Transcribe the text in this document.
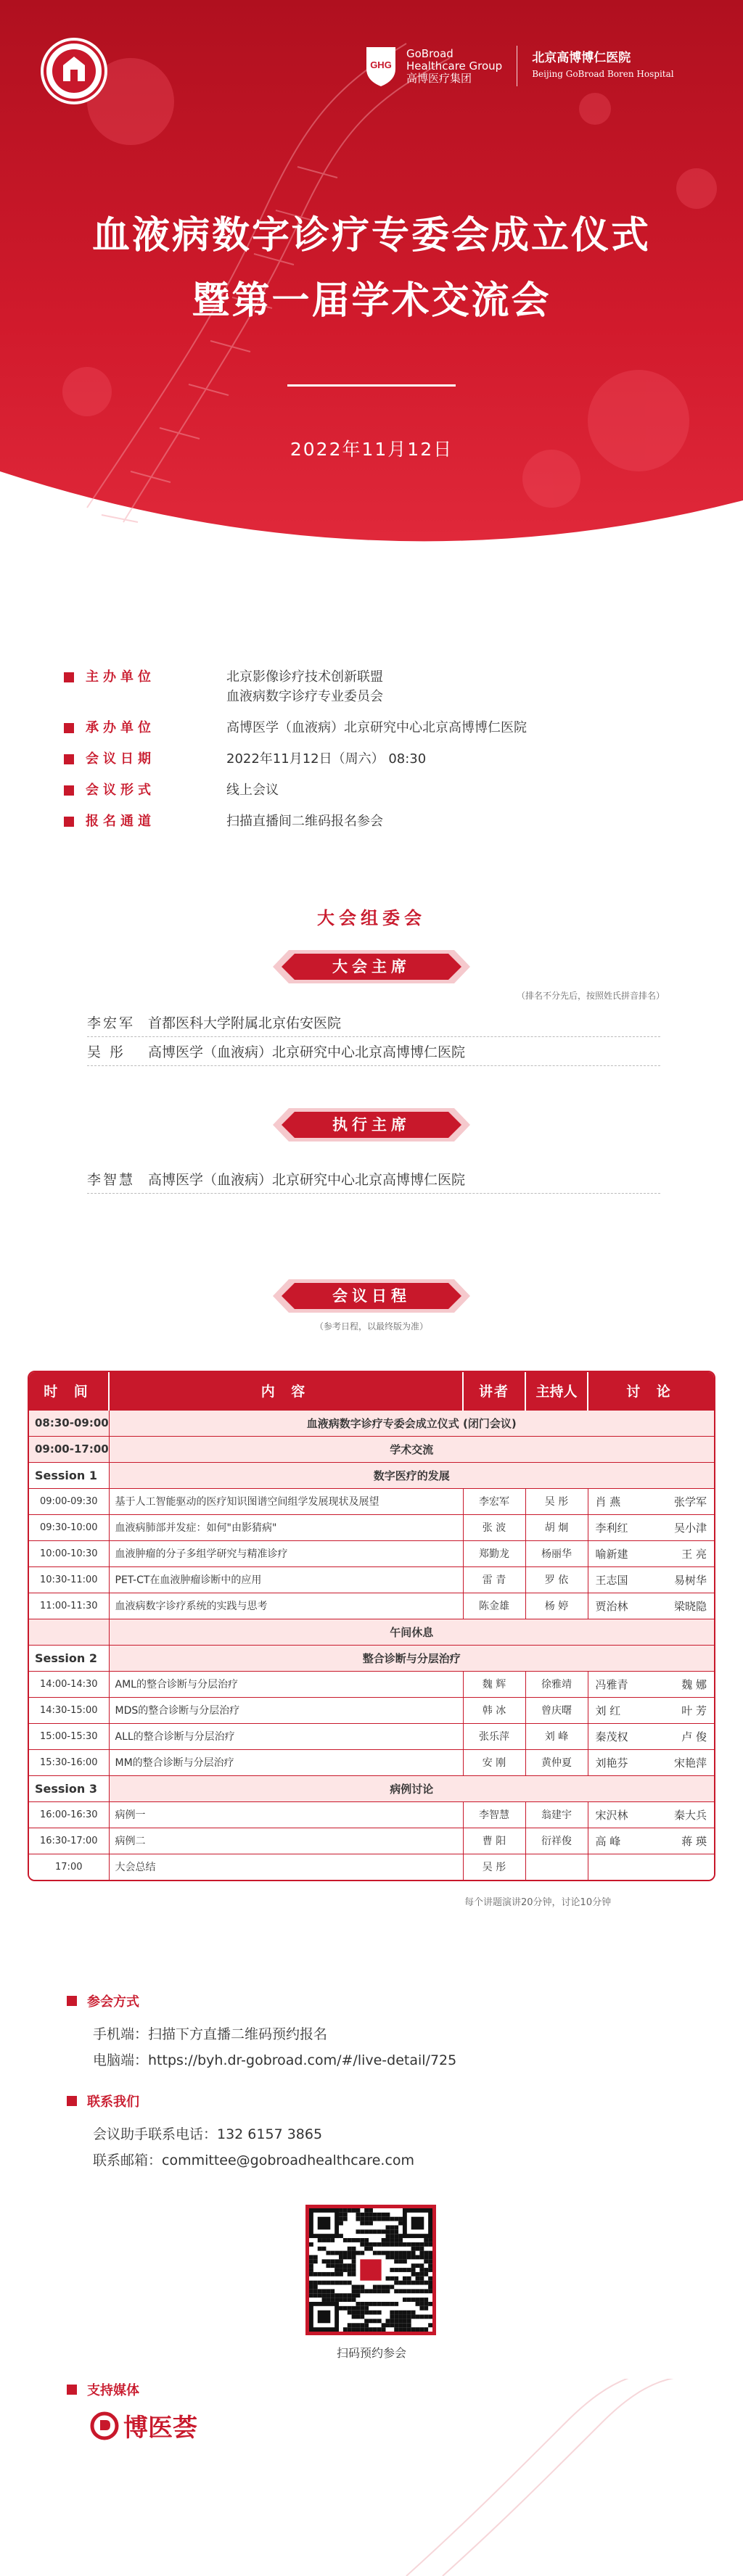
GHG
GoBroad
Healthcare Group
高博医疗集团
北京高博博仁医院
Beijing GoBroad Boren Hospital
血液病数字诊疗专委会成立仪式
暨第一届学术交流会
2022年11月12日
主办单位	北京影像诊疗技术创新联盟
血液病数字诊疗专业委员会
承办单位	高博医学（血液病）北京研究中心北京高博博仁医院
会议日期	2022年11月12日（周六） 08:30
会议形式	线上会议
报名通道	扫描直播间二维码报名参会
大会组委会
大会主席
（排名不分先后，按照姓氏拼音排名）
李宏军 首都医科大学附属北京佑安医院
吴 彤 高博医学（血液病）北京研究中心北京高博博仁医院
执行主席
李智慧 高博医学（血液病）北京研究中心北京高博博仁医院
会议日程
（参考日程，以最终版为准）
时 间	内 容	讲者	主持人	讨 论
08:30-09:00	血液病数字诊疗专委会成立仪式 (闭门会议)			
09:00-17:00	学术交流			
Session 1	数字医疗的发展			
09:00-09:30	基于人工智能驱动的医疗知识图谱空间组学发展现状及展望	李宏军	吴 彤	肖 燕 张学军

09:30-10:00	血液病肺部并发症：如何"由影猜病"	张 波	胡 炯	李利红 吴小津

10:00-10:30	血液肿瘤的分子多组学研究与精准诊疗	郑勤龙	杨丽华	喻新建 王 亮

10:30-11:00	PET-CT在血液肿瘤诊断中的应用	雷 青	罗 依	王志国 易树华

11:00-11:30	血液病数字诊疗系统的实践与思考	陈金雄	杨 婷	贾治林 梁晓隐

	午间休息			
Session 2	整合诊断与分层治疗			
14:00-14:30	AML的整合诊断与分层治疗	魏 辉	徐雅靖	冯雅青 魏 娜

14:30-15:00	MDS的整合诊断与分层治疗	韩 冰	曾庆曙	刘 红 叶 芳

15:00-15:30	ALL的整合诊断与分层治疗	张乐萍	刘 峰	秦茂权 卢 俊

15:30-16:00	MM的整合诊断与分层治疗	安 刚	黄仲夏	刘艳芬 宋艳萍

Session 3	病例讨论			
16:00-16:30	病例一	李智慧	翁建宇	宋沢林 秦大兵

16:30-17:00	病例二	曹 阳	衍祥俊	高 峰 蒋 瑛

17:00	大会总结	吴 彤		
每个讲题演讲20分钟，讨论10分钟
参会方式
手机端：扫描下方直播二维码预约报名
电脑端：https://byh.dr-gobroad.com/#/live-detail/725
联系我们
会议助手联系电话：132 6157 3865
联系邮箱：committee@gobroadhealthcare.com
扫码预约参会
支持媒体
博医荟
